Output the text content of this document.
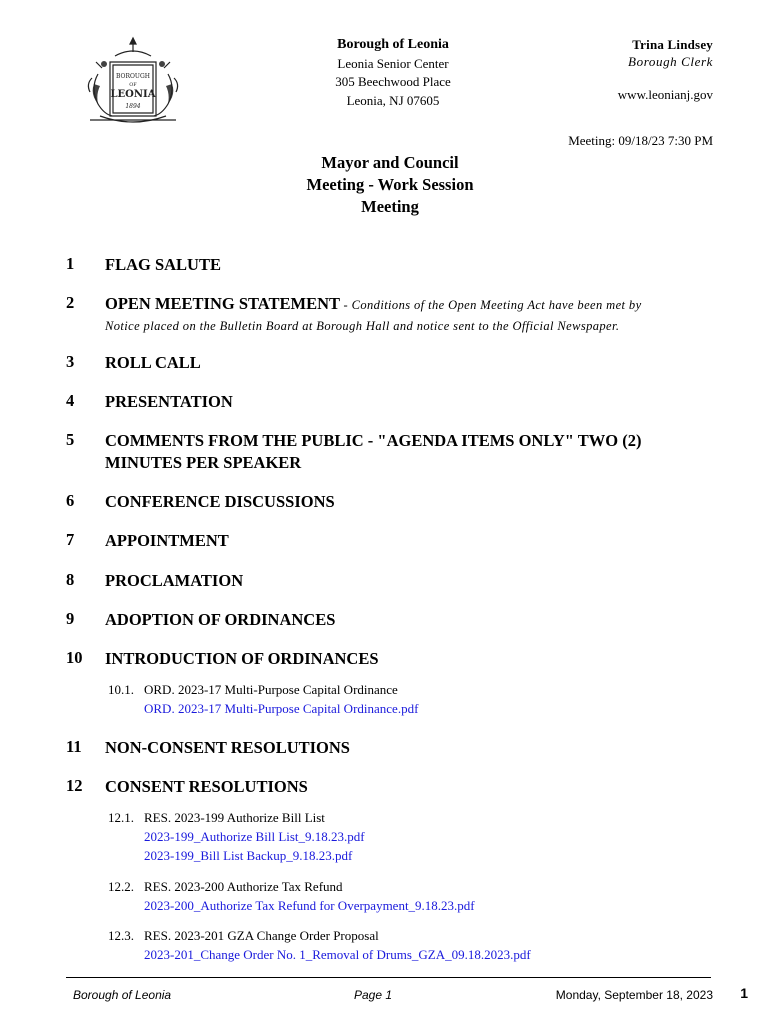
BOROUGH
OF
LEONIA
1894
Borough of Leonia
Leonia Senior Center
305 Beechwood Place
Leonia, NJ 07605
Trina Lindsey
Borough Clerk
www.leonianj.gov
Meeting: 09/18/23 7:30 PM
Mayor and Council
Meeting - Work Session
Meeting
1 FLAG SALUTE
2 OPEN MEETING STATEMENT - Conditions of the Open Meeting Act have been met by
Notice placed on the Bulletin Board at Borough Hall and notice sent to the Official Newspaper.
3 ROLL CALL
4 PRESENTATION
5 COMMENTS FROM THE PUBLIC - "AGENDA ITEMS ONLY" TWO (2)
MINUTES PER SPEAKER
6 CONFERENCE DISCUSSIONS
7 APPOINTMENT
8 PROCLAMATION
9 ADOPTION OF ORDINANCES
10 INTRODUCTION OF ORDINANCES
10.1. ORD. 2023-17 Multi-Purpose Capital Ordinance
ORD. 2023-17 Multi-Purpose Capital Ordinance.pdf
11 NON-CONSENT RESOLUTIONS
12 CONSENT RESOLUTIONS
12.1. RES. 2023-199 Authorize Bill List
2023-199_Authorize Bill List_9.18.23.pdf
2023-199_Bill List Backup_9.18.23.pdf
12.2. RES. 2023-200 Authorize Tax Refund
2023-200_Authorize Tax Refund for Overpayment_9.18.23.pdf
12.3. RES. 2023-201 GZA Change Order Proposal
2023-201_Change Order No. 1_Removal of Drums_GZA_09.18.2023.pdf
Borough of Leonia	Page 1	Monday, September 18, 2023 1
